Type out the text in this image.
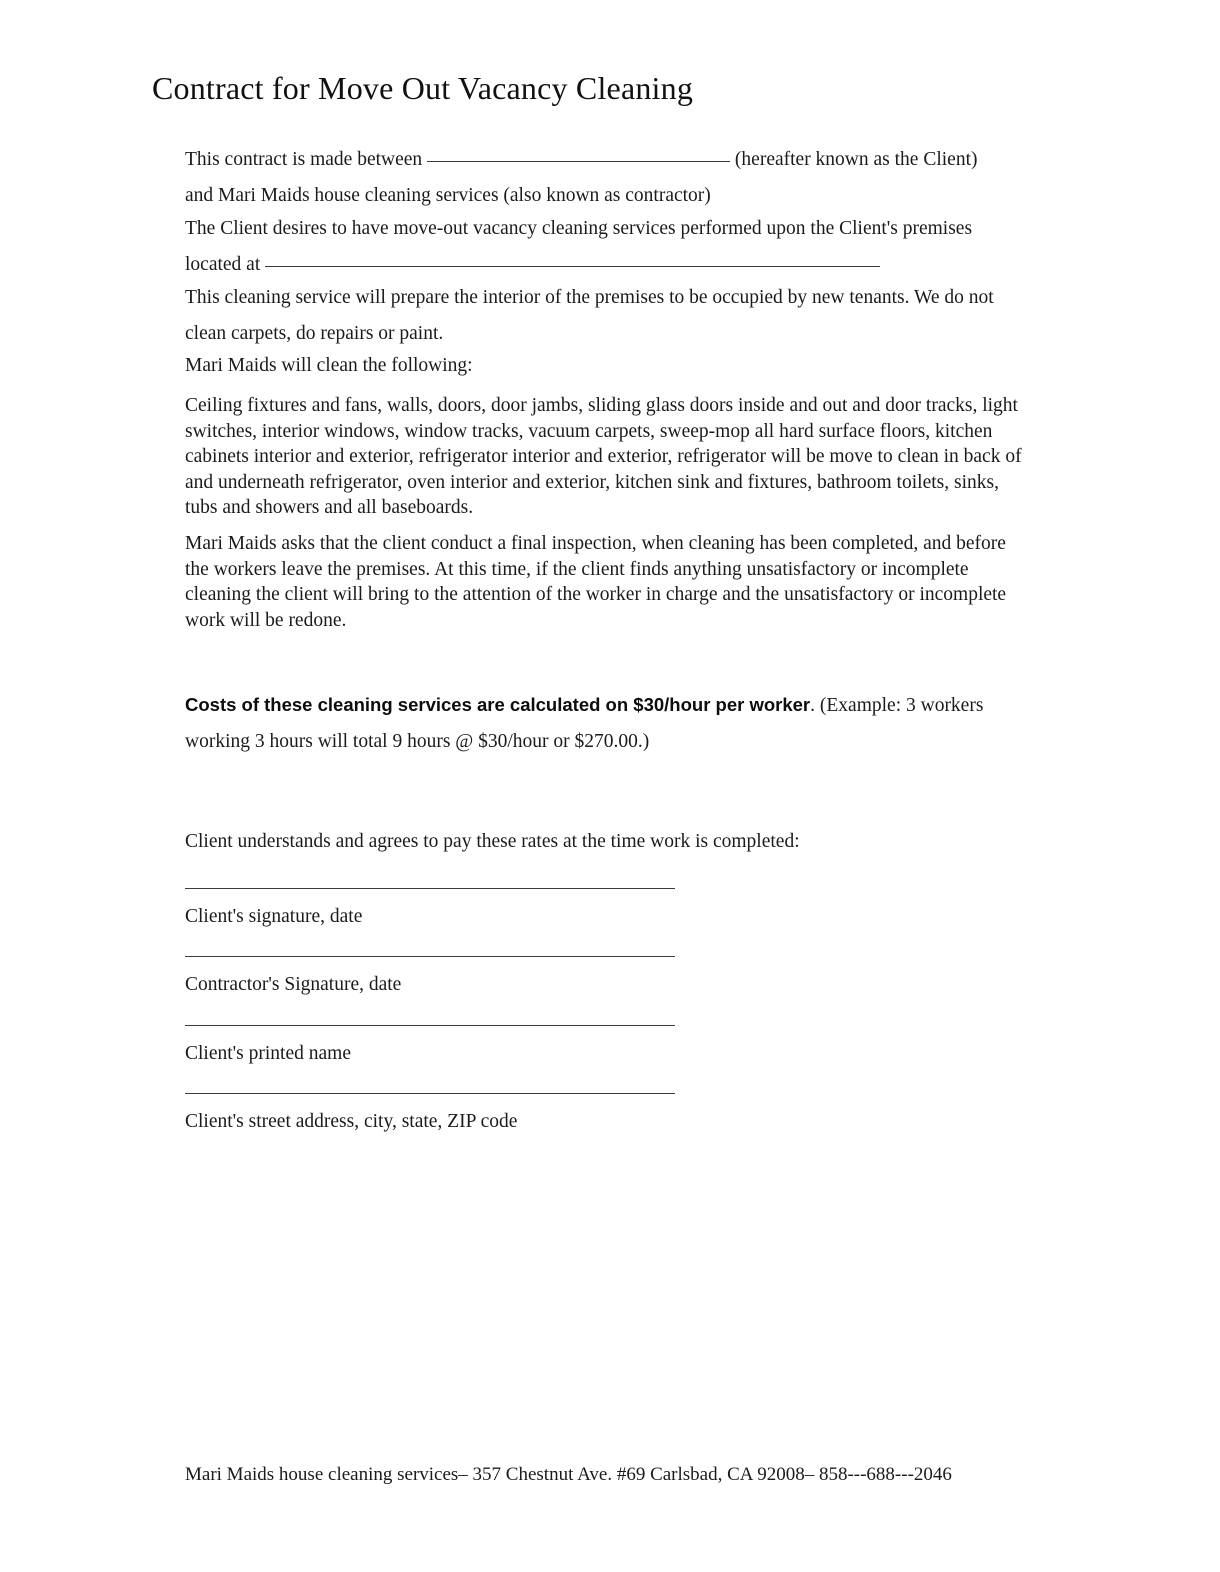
Contract for Move Out Vacancy Cleaning
This contract is made between	(hereafter known as the Client)
and Mari Maids house cleaning services (also known as contractor)
The Client desires to have move-out vacancy cleaning services performed upon the Client's premises
located at
This cleaning service will prepare the interior of the premises to be occupied by new tenants. We do not clean carpets, do repairs or paint.
Mari Maids will clean the following:
Ceiling fixtures and fans, walls, doors, door jambs, sliding glass doors inside and out and door tracks, light switches, interior windows, window tracks, vacuum carpets, sweep-mop all hard surface floors, kitchen cabinets interior and exterior, refrigerator interior and exterior, refrigerator will be move to clean in back of and underneath refrigerator, oven interior and exterior, kitchen sink and fixtures, bathroom toilets, sinks, tubs and showers and all baseboards.
Mari Maids asks that the client conduct a final inspection, when cleaning has been completed, and before the workers leave the premises. At this time, if the client finds anything unsatisfactory or incomplete cleaning the client will bring to the attention of the worker in charge and the unsatisfactory or incomplete work will be redone.
Costs of these cleaning services are calculated on $30/hour per worker. (Example: 3 workers working 3 hours will total 9 hours @ $30/hour or $270.00.)
Client understands and agrees to pay these rates at the time work is completed:
Client's signature, date
Contractor's Signature, date
Client's printed name
Client's street address, city, state, ZIP code
Mari Maids house cleaning services– 357 Chestnut Ave. #69 Carlsbad, CA 92008– 858---688---2046
